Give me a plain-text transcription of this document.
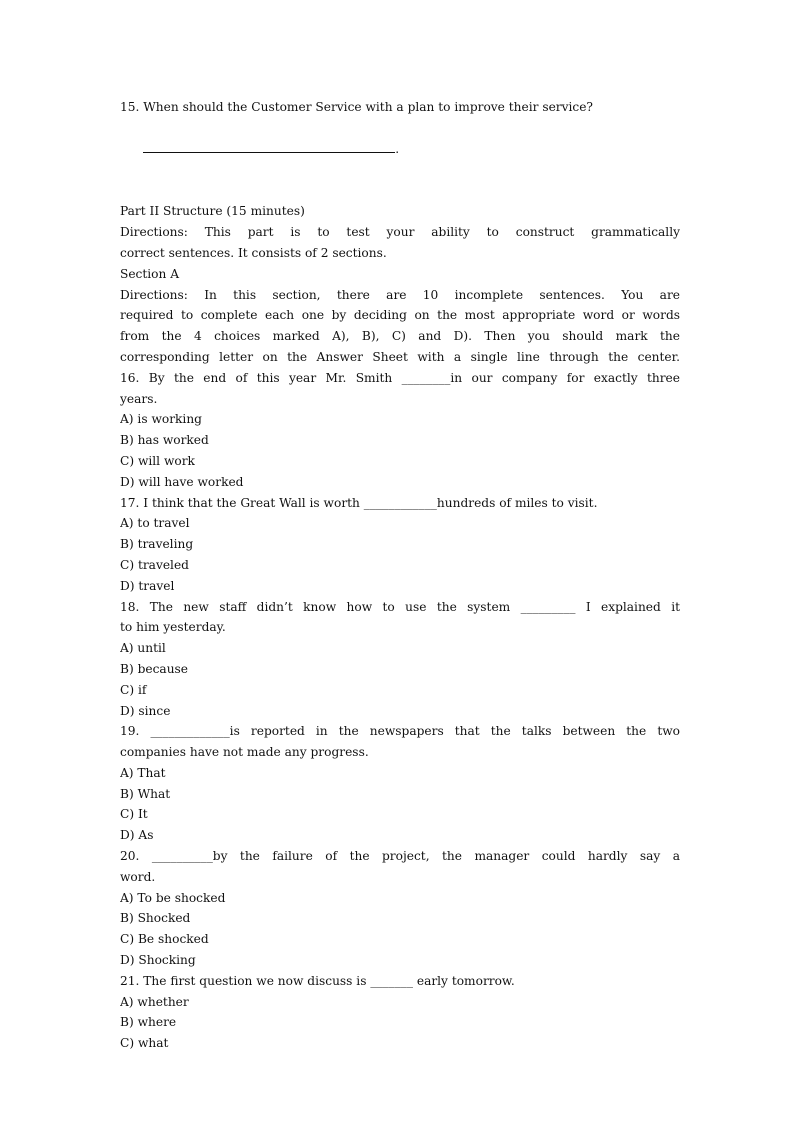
15. When should the Customer Service with a plan to improve their service?

.

Part II Structure (15 minutes)
Directions: This part is to test your ability to construct grammatically
correct sentences. It consists of 2 sections.
Section A
Directions: In this section, there are 10 incomplete sentences. You are
required to complete each one by deciding on the most appropriate word or words
from the 4 choices marked A), B), C) and D). Then you should mark the
corresponding letter on the Answer Sheet with a single line through the center.
16. By the end of this year Mr. Smith ________in our company for exactly three
years.
A) is working
B) has worked
C) will work
D) will have worked
17. I think that the Great Wall is worth ____________hundreds of miles to visit.
A) to travel
B) traveling
C) traveled
D) travel
18. The new staff didn’t know how to use the system _________ I explained it
to him yesterday.
A) until
B) because
C) if
D) since
19. _____________is reported in the newspapers that the talks between the two
companies have not made any progress.
A) That
B) What
C) It
D) As
20. __________by the failure of the project, the manager could hardly say a
word.
A) To be shocked
B) Shocked
C) Be shocked
D) Shocking
21. The first question we now discuss is _______ early tomorrow.
A) whether
B) where
C) what
